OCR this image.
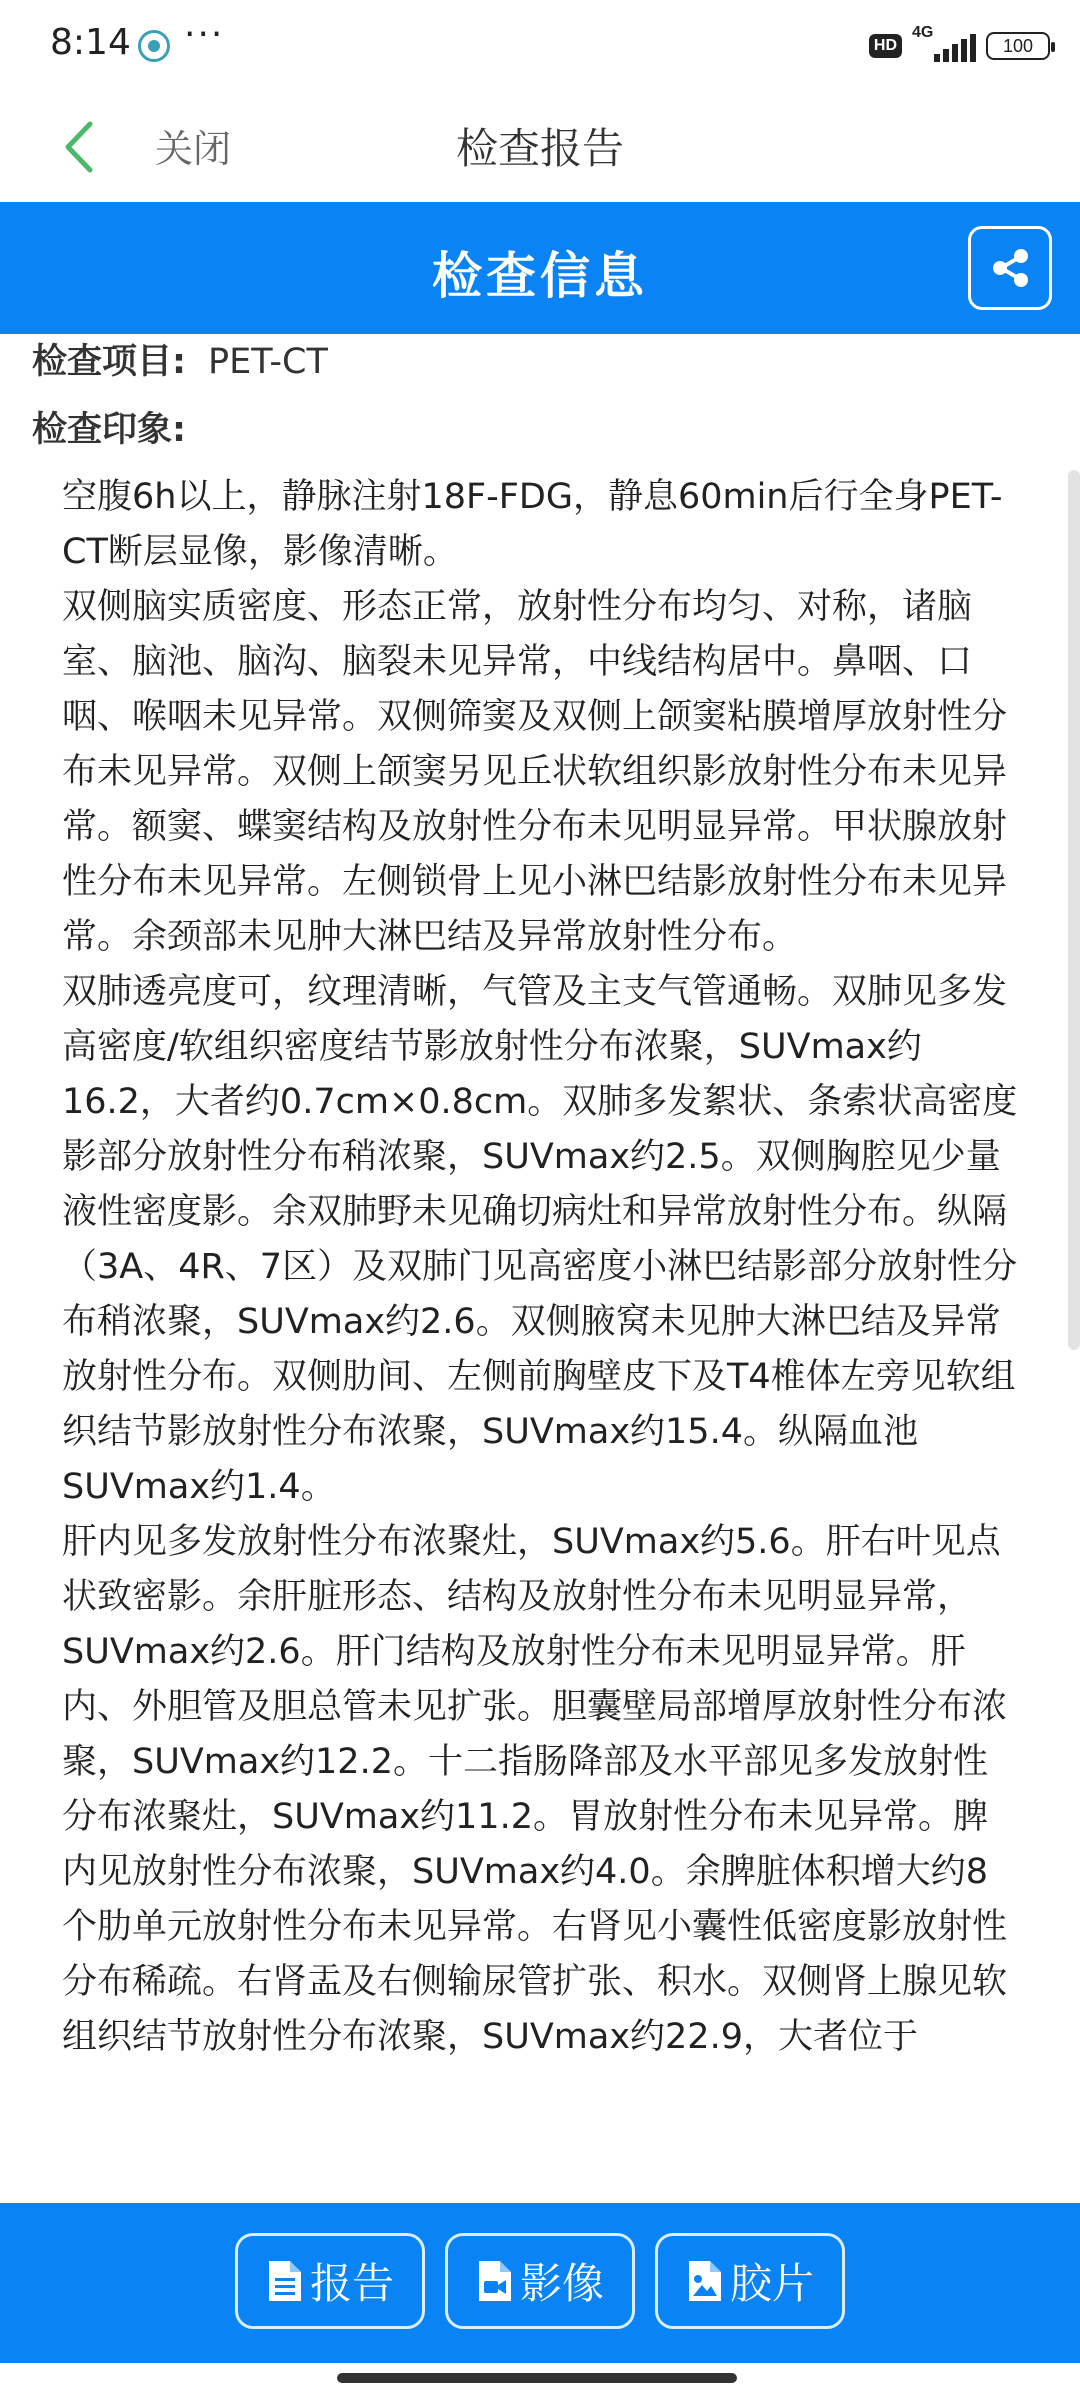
8:14 ···	HD
4G
100
关闭	检查报告
检查信息
检查项目: PET-CT
检查印象:

空腹6h以上，静脉注射18F-FDG，静息60min后行全身PET-CT断层显像，影像清晰。

双侧脑实质密度、形态正常，放射性分布均匀、对称，诸脑室、脑池、脑沟、脑裂未见异常，中线结构居中。鼻咽、口咽、喉咽未见异常。双侧筛窦及双侧上颌窦粘膜增厚放射性分布未见异常。双侧上颌窦另见丘状软组织影放射性分布未见异常。额窦、蝶窦结构及放射性分布未见明显异常。甲状腺放射性分布未见异常。左侧锁骨上见小淋巴结影放射性分布未见异常。余颈部未见肿大淋巴结及异常放射性分布。

双肺透亮度可，纹理清晰，气管及主支气管通畅。双肺见多发高密度/软组织密度结节影放射性分布浓聚，SUVmax约16.2，大者约0.7cm×0.8cm。双肺多发絮状、条索状高密度影部分放射性分布稍浓聚，SUVmax约2.5。双侧胸腔见少量液性密度影。余双肺野未见确切病灶和异常放射性分布。纵隔（3A、4R、7区）及双肺门见高密度小淋巴结影部分放射性分布稍浓聚，SUVmax约2.6。双侧腋窝未见肿大淋巴结及异常放射性分布。双侧肋间、左侧前胸壁皮下及T4椎体左旁见软组织结节影放射性分布浓聚，SUVmax约15.4。纵隔血池SUVmax约1.4。

肝内见多发放射性分布浓聚灶，SUVmax约5.6。肝右叶见点状致密影。余肝脏形态、结构及放射性分布未见明显异常，SUVmax约2.6。肝门结构及放射性分布未见明显异常。肝内、外胆管及胆总管未见扩张。胆囊壁局部增厚放射性分布浓聚，SUVmax约12.2。十二指肠降部及水平部见多发放射性分布浓聚灶，SUVmax约11.2。胃放射性分布未见异常。脾内见放射性分布浓聚，SUVmax约4.0。余脾脏体积增大约8个肋单元放射性分布未见异常。右肾见小囊性低密度影放射性分布稀疏。右肾盂及右侧输尿管扩张、积水。双侧肾上腺见软组织结节放射性分布浓聚，SUVmax约22.9，大者位于

报告	影像	胶片
